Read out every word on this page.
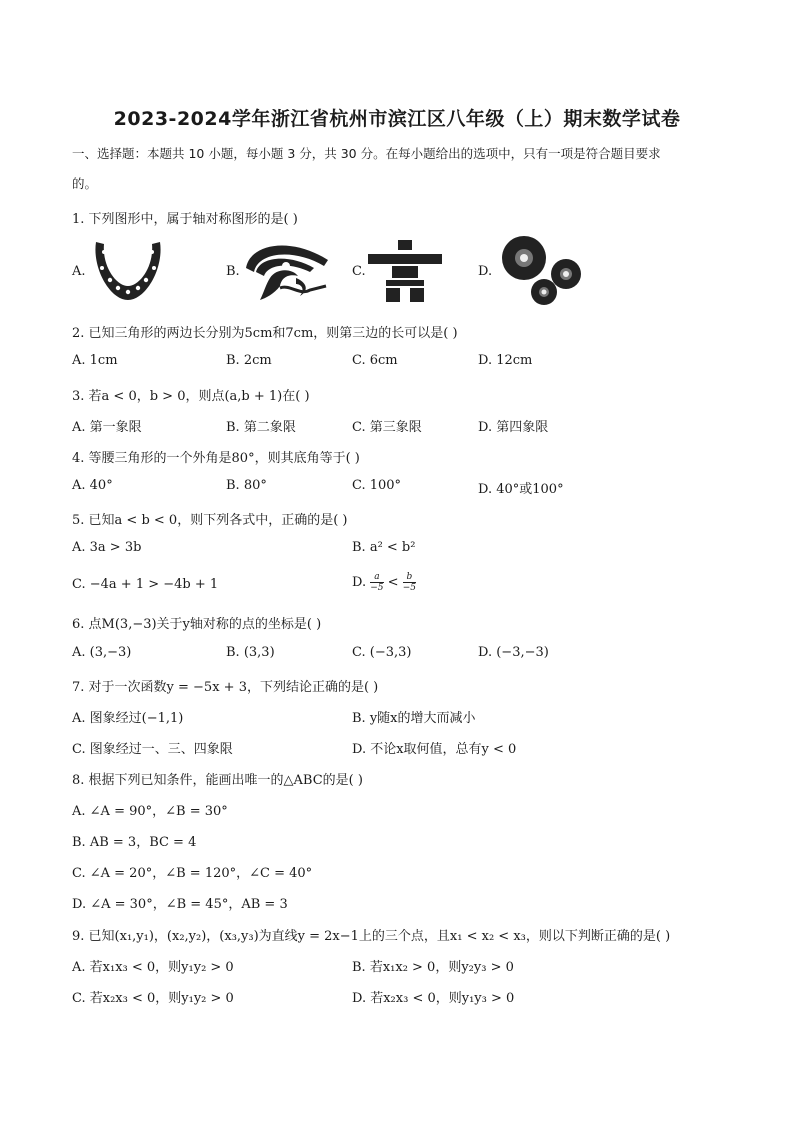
2023-2024学年浙江省杭州市滨江区八年级（上）期末数学试卷
一、选择题：本题共 10 小题，每小题 3 分，共 30 分。在每小题给出的选项中，只有一项是符合题目要求
的。
1. 下列图形中，属于轴对称图形的是( )
A.	B.	C.	D.
2. 已知三角形的两边长分别为5cm和7cm，则第三边的长可以是( )
A. 1cm	B. 2cm	C. 6cm	D. 12cm
3. 若a < 0，b > 0，则点(a,b + 1)在( )
A. 第一象限	B. 第二象限	C. 第三象限	D. 第四象限
4. 等腰三角形的一个外角是80°，则其底角等于( )
A. 40°	B. 80°	C. 100°	D. 40°或100°
5. 已知a < b < 0，则下列各式中，正确的是( )
A. 3a > 3b	B. a² < b²
C. −4a + 1 > −4b + 1	D. $\frac{a}{-5} < \frac{b}{-5}$
6. 点M(3,−3)关于y轴对称的点的坐标是( )
A. (3,−3)	B. (3,3)	C. (−3,3)	D. (−3,−3)
7. 对于一次函数y = −5x + 3，下列结论正确的是( )
A. 图象经过(−1,1)	B. y随x的增大而减小
C. 图象经过一、三、四象限	D. 不论x取何值，总有y < 0
8. 根据下列已知条件，能画出唯一的△ABC的是( )
A. ∠A = 90°，∠B = 30°
B. AB = 3，BC = 4
C. ∠A = 20°，∠B = 120°，∠C = 40°
D. ∠A = 30°，∠B = 45°，AB = 3
9. 已知(x₁,y₁)，(x₂,y₂)，(x₃,y₃)为直线y = 2x−1上的三个点，且x₁ < x₂ < x₃，则以下判断正确的是( )
A. 若x₁x₃ < 0，则y₁y₂ > 0	B. 若x₁x₂ > 0，则y₂y₃ > 0
C. 若x₂x₃ < 0，则y₁y₂ > 0	D. 若x₂x₃ < 0，则y₁y₃ > 0
